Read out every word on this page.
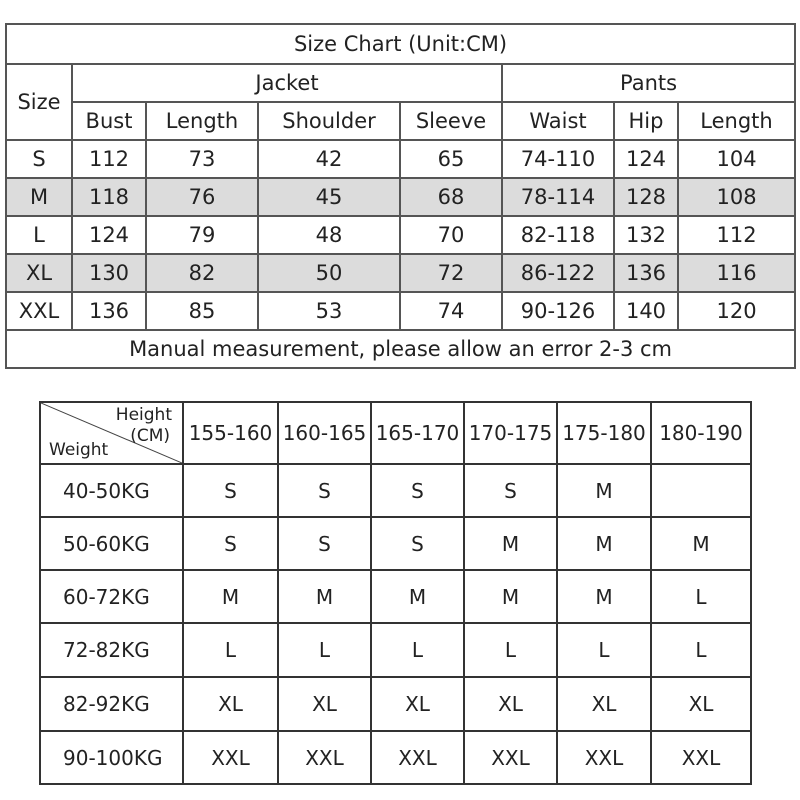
Size Chart (Unit:CM)							
Size	Jacket				Pants		
	Bust	Length	Shoulder	Sleeve	Waist	Hip	Length
S	112	73	42	65	74-110	124	104
M	118	76	45	68	78-114	128	108
L	124	79	48	70	82-118	132	112
XL	130	82	50	72	86-122	136	116
XXL	136	85	53	74	90-126	140	120
Manual measurement, please allow an error 2-3 cm							
Height
(CM)
Weight	155-160	160-165	165-170	170-175	175-180	180-190
40-50KG	S	S	S	S	M	
50-60KG	S	S	S	M	M	M
60-72KG	M	M	M	M	M	L
72-82KG	L	L	L	L	L	L
82-92KG	XL	XL	XL	XL	XL	XL
90-100KG	XXL	XXL	XXL	XXL	XXL	XXL
